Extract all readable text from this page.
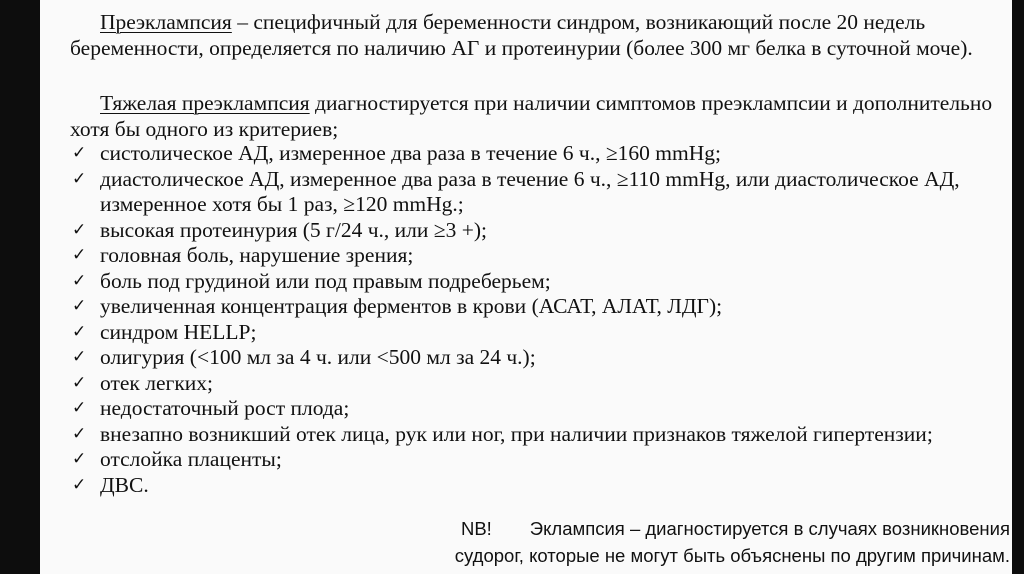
Преэклампсия – специфичный для беременности синдром, возникающий после 20 недель беременности, определяется по наличию АГ и протеинурии (более 300 мг белка в суточной моче).
Тяжелая преэклампсия диагностируется при наличии симптомов преэклампсии и дополнительно хотя бы одного из критериев;
✓ систолическое АД, измеренное два раза в течение 6 ч., ≥160 mmHg;
✓ диастолическое АД, измеренное два раза в течение 6 ч., ≥110 mmHg, или диастолическое АД, измеренное хотя бы 1 раз, ≥120 mmHg.;
✓ высокая протеинурия (5 г/24 ч., или ≥3 +);
✓ головная боль, нарушение зрения;
✓ боль под грудиной или под правым подреберьем;
✓ увеличенная концентрация ферментов в крови (АСАТ, АЛАТ, ЛДГ);
✓ синдром HELLP;
✓ олигурия (<100 мл за 4 ч. или <500 мл за 24 ч.);
✓ отек легких;
✓ недостаточный рост плода;
✓ внезапно возникший отек лица, рук или ног, при наличии признаков тяжелой гипертензии;
✓ отслойка плаценты;
✓ ДВС.
NB! Эклампсия – диагностируется в случаях возникновения
судорог, которые не могут быть объяснены по другим причинам.
